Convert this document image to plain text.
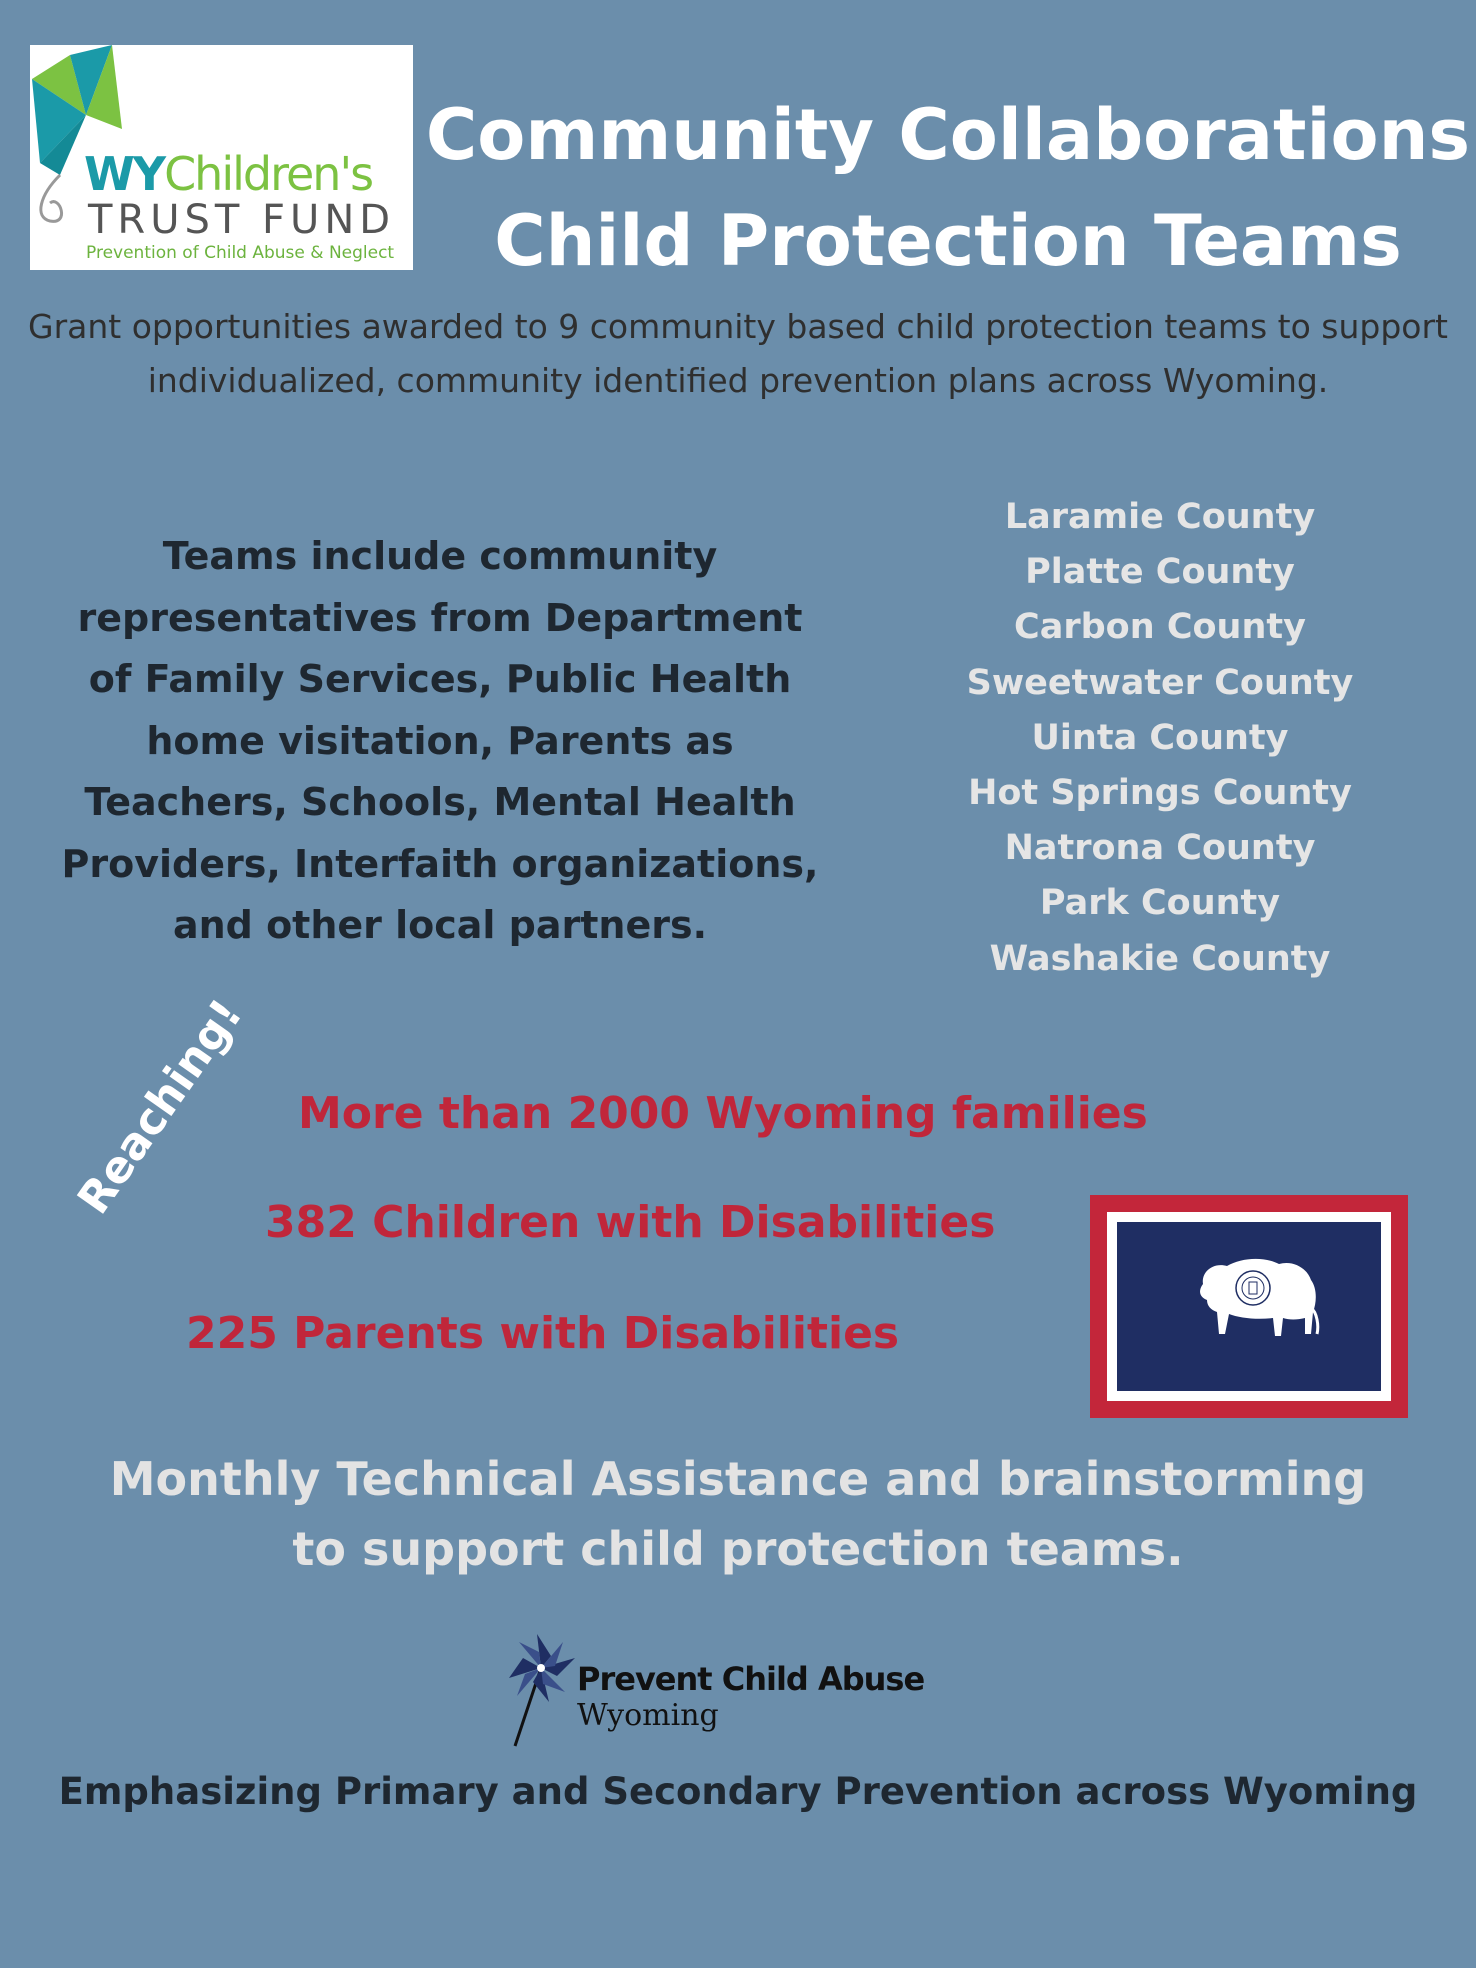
WYChildren's
TRUST FUND
Prevention of Child Abuse & Neglect
Community Collaborations
Child Protection Teams
Grant opportunities awarded to 9 community based child protection teams to support individualized, community identified prevention plans across Wyoming.
Teams include community representatives from Department of Family Services, Public Health home visitation, Parents as Teachers, Schools, Mental Health Providers, Interfaith organizations, and other local partners.
Laramie County
Platte County
Carbon County
Sweetwater County
Uinta County
Hot Springs County
Natrona County
Park County
Washakie County
Reaching! More than 2000 Wyoming families
382 Children with Disabilities
225 Parents with Disabilities
Monthly Technical Assistance and brainstorming
to support child protection teams.
Prevent Child Abuse
Wyoming
Emphasizing Primary and Secondary Prevention across Wyoming
